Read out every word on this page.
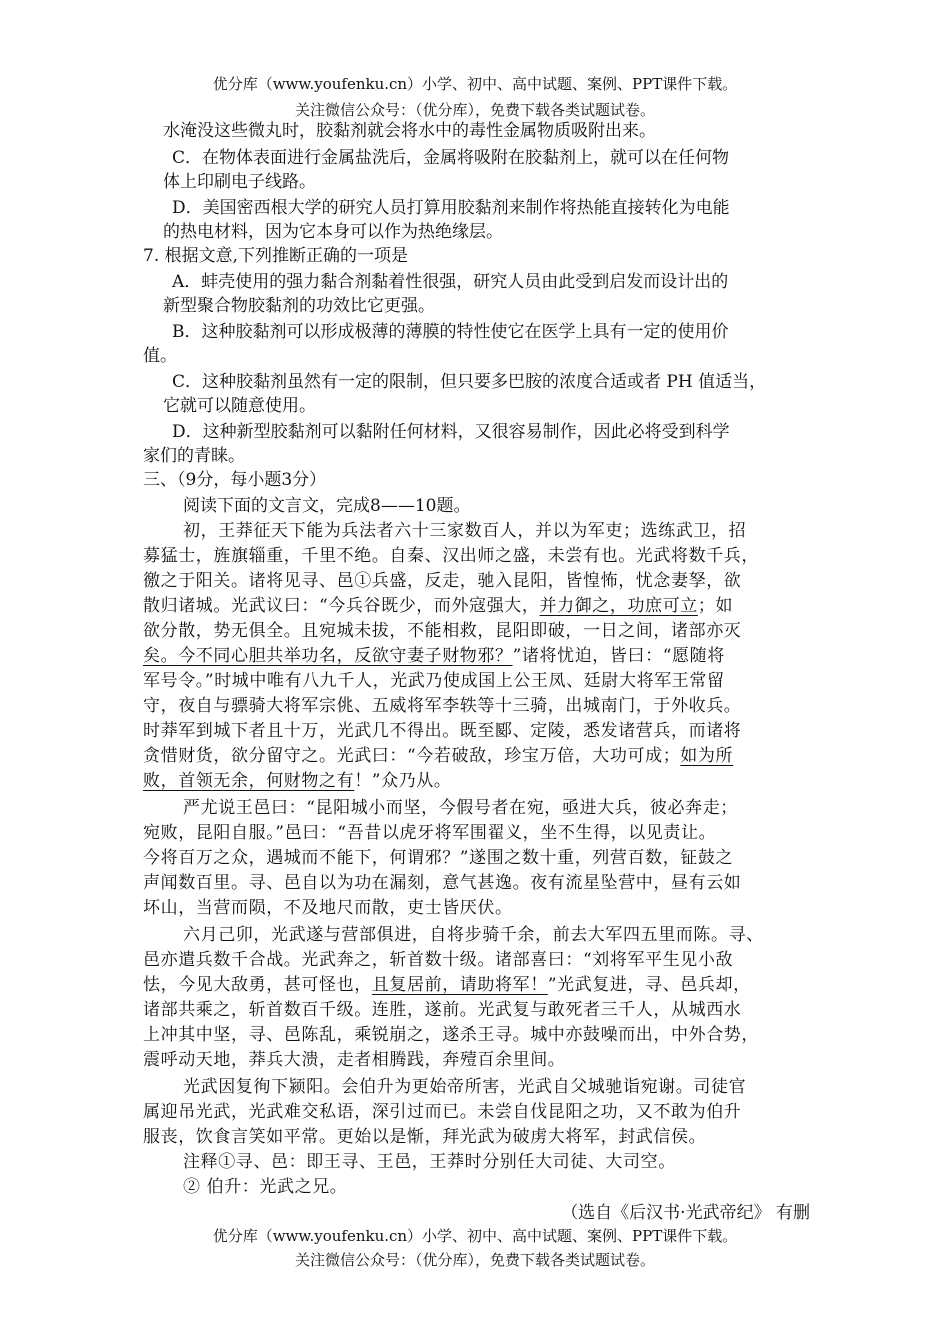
优分库（www.youfenku.cn）小学、初中、高中试题、案例、PPT课件下载。
关注微信公众号：（优分库），免费下载各类试题试卷。
水淹没这些微丸时，胶黏剂就会将水中的毒性金属物质吸附出来。
C．在物体表面进行金属盐洗后，金属将吸附在胶黏剂上，就可以在任何物
体上印刷电子线路。
D．美国密西根大学的研究人员打算用胶黏剂来制作将热能直接转化为电能
的热电材料，因为它本身可以作为热绝缘层。
7. 根据文意,下列推断正确的一项是
A．蚌壳使用的强力黏合剂黏着性很强，研究人员由此受到启发而设计出的
新型聚合物胶黏剂的功效比它更强。
B．这种胶黏剂可以形成极薄的薄膜的特性使它在医学上具有一定的使用价
值。
C．这种胶黏剂虽然有一定的限制，但只要多巴胺的浓度合适或者 PH 值适当，
它就可以随意使用。
D．这种新型胶黏剂可以黏附任何材料，又很容易制作，因此必将受到科学
家们的青睐。
三、（9分，每小题3分）
阅读下面的文言文，完成8——10题。
初，王莽征天下能为兵法者六十三家数百人，并以为军吏；选练武卫，招
募猛士，旌旗辎重，千里不绝。自秦、汉出师之盛，未尝有也。光武将数千兵，
徼之于阳关。诸将见寻、邑①兵盛，反走，驰入昆阳，皆惶怖，忧念妻孥，欲
散归诸城。光武议曰：“今兵谷既少，而外寇强大，并力御之，功庶可立；如
欲分散，势无俱全。且宛城未拔，不能相救，昆阳即破，一日之间，诸部亦灭
矣。今不同心胆共举功名，反欲守妻子财物邪？”诸将忧迫，皆曰：“愿随将
军号令。”时城中唯有八九千人，光武乃使成国上公王凤、廷尉大将军王常留
守，夜自与骠骑大将军宗佻、五威将军李轶等十三骑，出城南门，于外收兵。
时莽军到城下者且十万，光武几不得出。既至郾、定陵，悉发诸营兵，而诸将
贪惜财货，欲分留守之。光武曰：“今若破敌，珍宝万倍，大功可成；如为所
败，首领无余，何财物之有！”众乃从。
严尤说王邑曰：“昆阳城小而坚，今假号者在宛，亟进大兵，彼必奔走；
宛败，昆阳自服。”邑曰：“吾昔以虎牙将军围翟义，坐不生得，以见责让。
今将百万之众，遇城而不能下，何谓邪？”遂围之数十重，列营百数，钲鼓之
声闻数百里。寻、邑自以为功在漏刻，意气甚逸。夜有流星坠营中，昼有云如
坏山，当营而陨，不及地尺而散，吏士皆厌伏。
六月己卯，光武遂与营部俱进，自将步骑千余，前去大军四五里而陈。寻、
邑亦遣兵数千合战。光武奔之，斩首数十级。诸部喜曰：“刘将军平生见小敌
怯，今见大敌勇，甚可怪也，且复居前，请助将军！”光武复进，寻、邑兵却，
诸部共乘之，斩首数百千级。连胜，遂前。光武复与敢死者三千人，从城西水
上冲其中坚，寻、邑陈乱，乘锐崩之，遂杀王寻。城中亦鼓噪而出，中外合势，
震呼动天地，莽兵大溃，走者相腾践，奔殪百余里间。
光武因复徇下颍阳。会伯升为更始帝所害，光武自父城驰诣宛谢。司徒官
属迎吊光武，光武难交私语，深引过而已。未尝自伐昆阳之功，又不敢为伯升
服丧，饮食言笑如平常。更始以是惭，拜光武为破虏大将军，封武信侯。
注释①寻、邑：即王寻、王邑，王莽时分别任大司徒、大司空。
② 伯升：光武之兄。
（选自《后汉书·光武帝纪》 有删
优分库（www.youfenku.cn）小学、初中、高中试题、案例、PPT课件下载。
关注微信公众号：（优分库），免费下载各类试题试卷。
